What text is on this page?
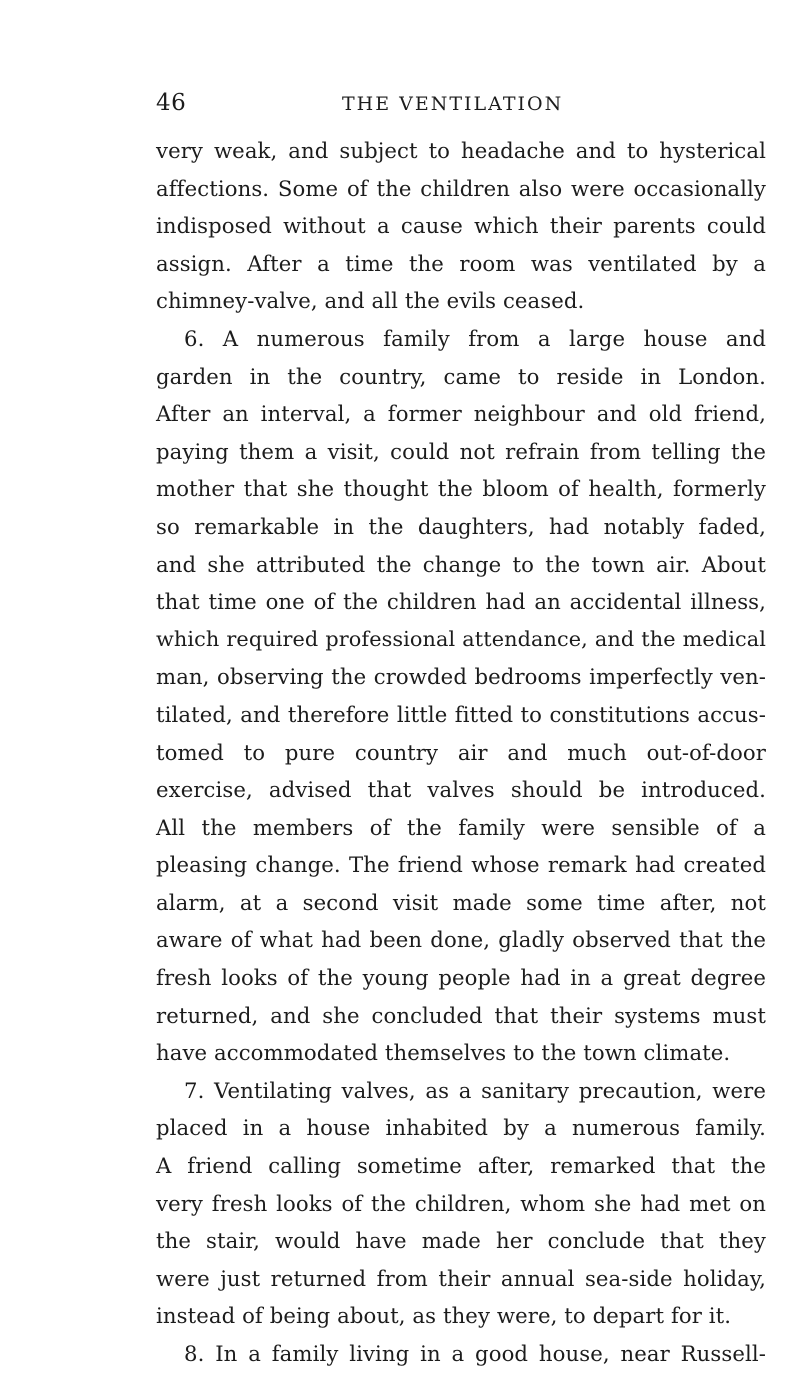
46	THE VENTILATION
very weak, and subject to headache and to hysterical
affections. Some of the children also were occasionally
indisposed without a cause which their parents could
assign. After a time the room was ventilated by a
chimney-valve, and all the evils ceased.
6. A numerous family from a large house and
garden in the country, came to reside in London.
After an interval, a former neighbour and old friend,
paying them a visit, could not refrain from telling the
mother that she thought the bloom of health, formerly
so remarkable in the daughters, had notably faded,
and she attributed the change to the town air. About
that time one of the children had an accidental illness,
which required professional attendance, and the medical
man, observing the crowded bedrooms imperfectly ven-
tilated, and therefore little fitted to constitutions accus-
tomed to pure country air and much out-of-door
exercise, advised that valves should be introduced.
All the members of the family were sensible of a
pleasing change. The friend whose remark had created
alarm, at a second visit made some time after, not
aware of what had been done, gladly observed that the
fresh looks of the young people had in a great degree
returned, and she concluded that their systems must
have accommodated themselves to the town climate.
7. Ventilating valves, as a sanitary precaution, were
placed in a house inhabited by a numerous family.
A friend calling sometime after, remarked that the
very fresh looks of the children, whom she had met on
the stair, would have made her conclude that they
were just returned from their annual sea-side holiday,
instead of being about, as they were, to depart for it.
8. In a family living in a good house, near Russell-
